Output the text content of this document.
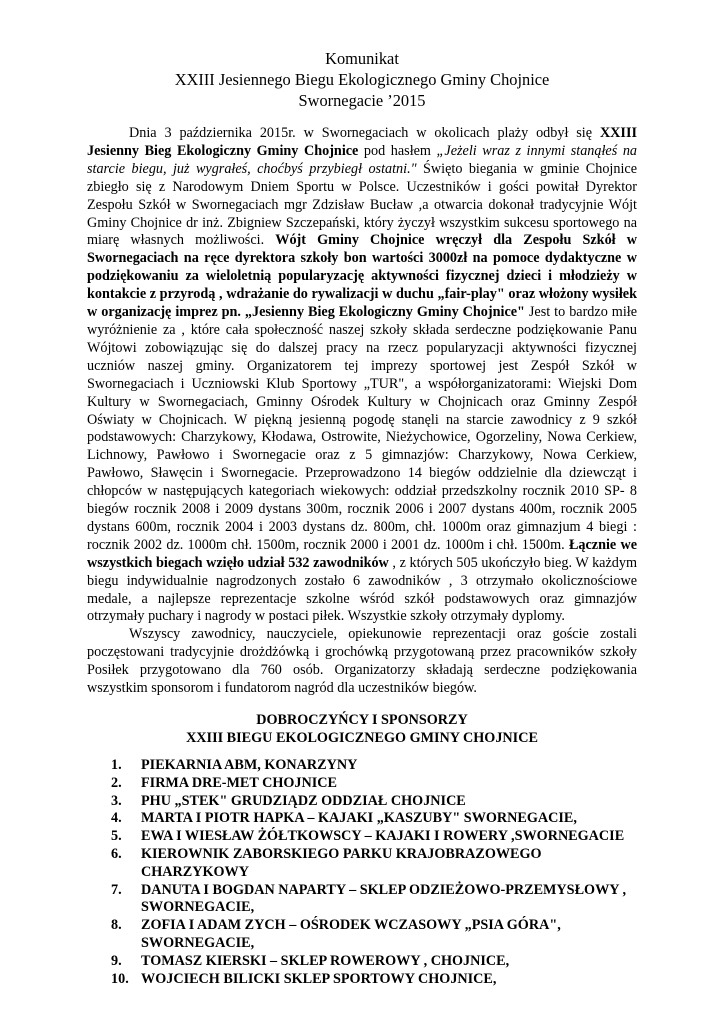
Komunikat
XXIII Jesiennego Biegu Ekologicznego Gminy Chojnice
Swornegacie ’2015

Dnia 3 października 2015r. w Swornegaciach w okolicach plaży odbył się XXIII Jesienny Bieg Ekologiczny Gminy Chojnice pod hasłem „Jeżeli wraz z innymi stanąłeś na starcie biegu, już wygrałeś, choćbyś przybiegł ostatni." Święto biegania w gminie Chojnice zbiegło się z Narodowym Dniem Sportu w Polsce. Uczestników i gości powitał Dyrektor Zespołu Szkół w Swornegaciach mgr Zdzisław Bucław ,a otwarcia dokonał tradycyjnie Wójt Gminy Chojnice dr inż. Zbigniew Szczepański, który życzył wszystkim sukcesu sportowego na miarę własnych możliwości. Wójt Gminy Chojnice wręczył dla Zespołu Szkół w Swornegaciach na ręce dyrektora szkoły bon wartości 3000zł na pomoce dydaktyczne w podziękowaniu za wieloletnią popularyzację aktywności fizycznej dzieci i młodzieży w kontakcie z przyrodą , wdrażanie do rywalizacji w duchu „fair-play" oraz włożony wysiłek w organizację imprez pn. „Jesienny Bieg Ekologiczny Gminy Chojnice" Jest to bardzo miłe wyróżnienie za , które cała społeczność naszej szkoły składa serdeczne podziękowanie Panu Wójtowi zobowiązując się do dalszej pracy na rzecz popularyzacji aktywności fizycznej uczniów naszej gminy. Organizatorem tej imprezy sportowej jest Zespół Szkół w Swornegaciach i Uczniowski Klub Sportowy „TUR", a współorganizatorami: Wiejski Dom Kultury w Swornegaciach, Gminny Ośrodek Kultury w Chojnicach oraz Gminny Zespół Oświaty w Chojnicach. W piękną jesienną pogodę stanęli na starcie zawodnicy z 9 szkół podstawowych: Charzykowy, Kłodawa, Ostrowite, Nieżychowice, Ogorzeliny, Nowa Cerkiew, Lichnowy, Pawłowo i Swornegacie oraz z 5 gimnazjów: Charzykowy, Nowa Cerkiew, Pawłowo, Sławęcin i Swornegacie. Przeprowadzono 14 biegów oddzielnie dla dziewcząt i chłopców w następujących kategoriach wiekowych: oddział przedszkolny rocznik 2010 SP- 8 biegów rocznik 2008 i 2009 dystans 300m, rocznik 2006 i 2007 dystans 400m, rocznik 2005 dystans 600m, rocznik 2004 i 2003 dystans dz. 800m, chł. 1000m oraz gimnazjum 4 biegi : rocznik 2002 dz. 1000m chł. 1500m, rocznik 2000 i 2001 dz. 1000m i chł. 1500m. Łącznie we wszystkich biegach wzięło udział 532 zawodników , z których 505 ukończyło bieg. W każdym biegu indywidualnie nagrodzonych zostało 6 zawodników , 3 otrzymało okolicznościowe medale, a najlepsze reprezentacje szkolne wśród szkół podstawowych oraz gimnazjów otrzymały puchary i nagrody w postaci piłek. Wszystkie szkoły otrzymały dyplomy.

Wszyscy zawodnicy, nauczyciele, opiekunowie reprezentacji oraz goście zostali poczęstowani tradycyjnie drożdżówką i grochówką przygotowaną przez pracowników szkoły Posiłek przygotowano dla 760 osób. Organizatorzy składają serdeczne podziękowania wszystkim sponsorom i fundatorom nagród dla uczestników biegów.

DOBROCZYŃCY I SPONSORZY
XXIII BIEGU EKOLOGICZNEGO GMINY CHOJNICE
1.	PIEKARNIA ABM, KONARZYNY
2.	FIRMA DRE-MET CHOJNICE
3.	PHU „STEK" GRUDZIĄDZ ODDZIAŁ CHOJNICE
4.	MARTA I PIOTR HAPKA – KAJAKI „KASZUBY" SWORNEGACIE,
5.	EWA I WIESŁAW ŻÓŁTKOWSCY – KAJAKI I ROWERY ,SWORNEGACIE
6.	KIEROWNIK ZABORSKIEGO PARKU KRAJOBRAZOWEGO CHARZYKOWY
7.	DANUTA I BOGDAN NAPARTY – SKLEP ODZIEŻOWO-PRZEMYSŁOWY , SWORNEGACIE,
8.	ZOFIA I ADAM ZYCH – OŚRODEK WCZASOWY „PSIA GÓRA", SWORNEGACIE,
9.	TOMASZ KIERSKI – SKLEP ROWEROWY , CHOJNICE,
10. WOJCIECH BILICKI SKLEP SPORTOWY CHOJNICE,
